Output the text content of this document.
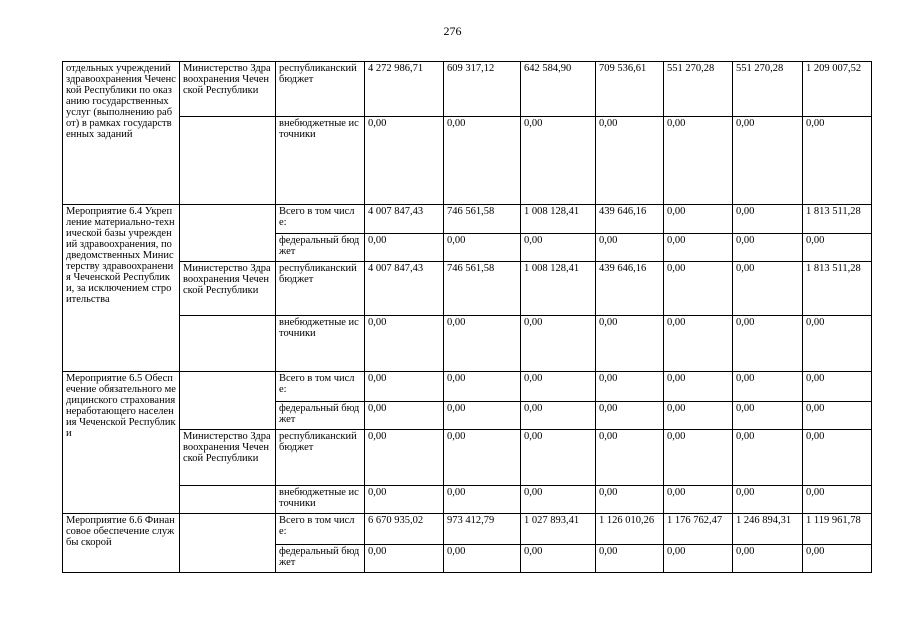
276
отдельных учреждений здравоохранения Чеченской Республики по оказанию государственных услуг (выполнению работ) в рамках государственных заданий	Министерство Здравоохранения Чеченской Республики	республиканский бюджет	4 272 986,71	609 317,12	642 584,90	709 536,61	551 270,28	551 270,28	1 209 007,52
		внебюджетные источники	0,00	0,00	0,00	0,00	0,00	0,00	0,00
Мероприятие 6.4 Укрепление материально-технической базы учреждений здравоохранения, подведомственных Министерству здравоохранения Чеченской Республики, за исключением строительства		Всего в том числе:	4 007 847,43	746 561,58	1 008 128,41	439 646,16	0,00	0,00	1 813 511,28
		федеральный бюджет	0,00	0,00	0,00	0,00	0,00	0,00	0,00
	Министерство Здравоохранения Чеченской Республики	республиканский бюджет	4 007 847,43	746 561,58	1 008 128,41	439 646,16	0,00	0,00	1 813 511,28
		внебюджетные источники	0,00	0,00	0,00	0,00	0,00	0,00	0,00
Мероприятие 6.5 Обеспечение обязательного медицинского страхования неработающего населения Чеченской Республики		Всего в том числе:	0,00	0,00	0,00	0,00	0,00	0,00	0,00
		федеральный бюджет	0,00	0,00	0,00	0,00	0,00	0,00	0,00
	Министерство Здравоохранения Чеченской Республики	республиканский бюджет	0,00	0,00	0,00	0,00	0,00	0,00	0,00
		внебюджетные источники	0,00	0,00	0,00	0,00	0,00	0,00	0,00
Мероприятие 6.6 Финансовое обеспечение службы скорой		Всего в том числе:	6 670 935,02	973 412,79	1 027 893,41	1 126 010,26	1 176 762,47	1 246 894,31	1 119 961,78
		федеральный бюджет	0,00	0,00	0,00	0,00	0,00	0,00	0,00
